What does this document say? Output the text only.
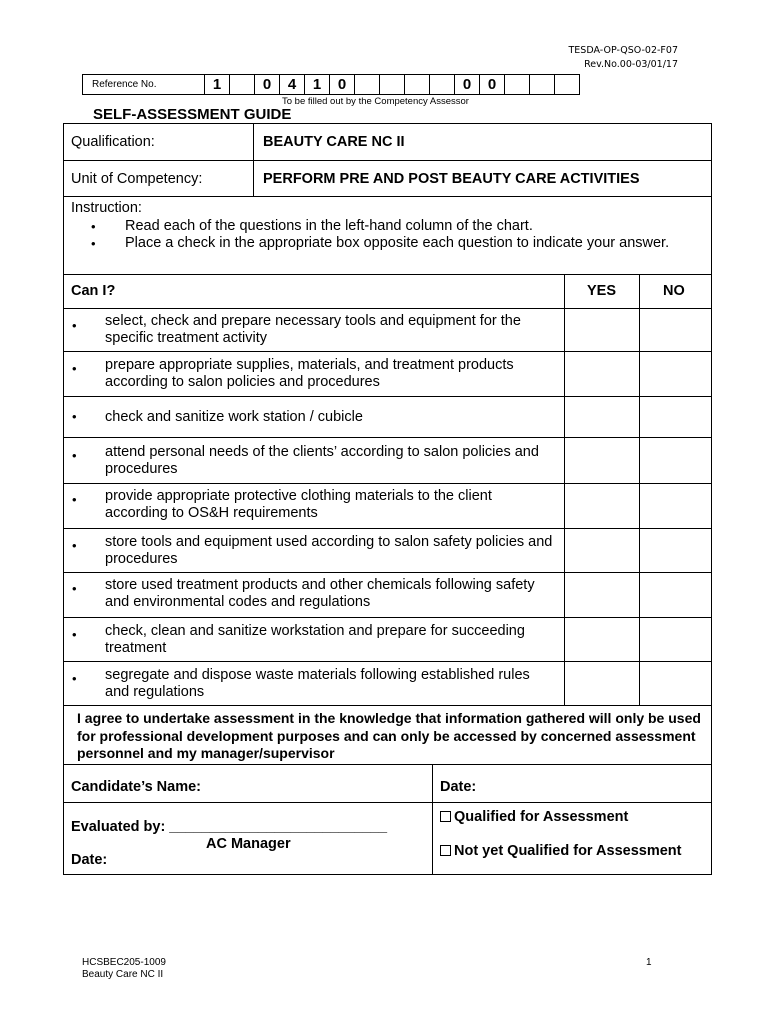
TESDA-OP-QSO-02-F07
Rev.No.00-03/01/17
Reference No.	1		0	4	1	0					0	0			
To be filled out by the Competency Assessor
SELF-ASSESSMENT GUIDE
Qualification:	BEAUTY CARE NC II
Unit of Competency:	PERFORM PRE AND POST BEAUTY CARE ACTIVITIES
Instruction:
• Read each of the questions in the left-hand column of the chart.
• Place a check in the appropriate box opposite each question to indicate your answer.
Can I?	YES	NO
• select, check and prepare necessary tools and equipment for the specific treatment activity
• prepare appropriate supplies, materials, and treatment products according to salon policies and procedures
• check and sanitize work station / cubicle
• attend personal needs of the clients’ according to salon policies and procedures
• provide appropriate protective clothing materials to the client according to OS&H requirements
• store tools and equipment used according to salon safety policies and procedures
• store used treatment products and other chemicals following safety and environmental codes and regulations
• check, clean and sanitize workstation and prepare for succeeding treatment
• segregate and dispose waste materials following established rules and regulations
I agree to undertake assessment in the knowledge that information gathered will only be used for professional development purposes and can only be accessed by concerned assessment personnel and my manager/supervisor
Candidate’s Name:	Date:
Evaluated by: ___________________________
AC Manager
Date:
Qualified for Assessment
Not yet Qualified for Assessment
HCSBEC205-1009
Beauty Care NC II
1
